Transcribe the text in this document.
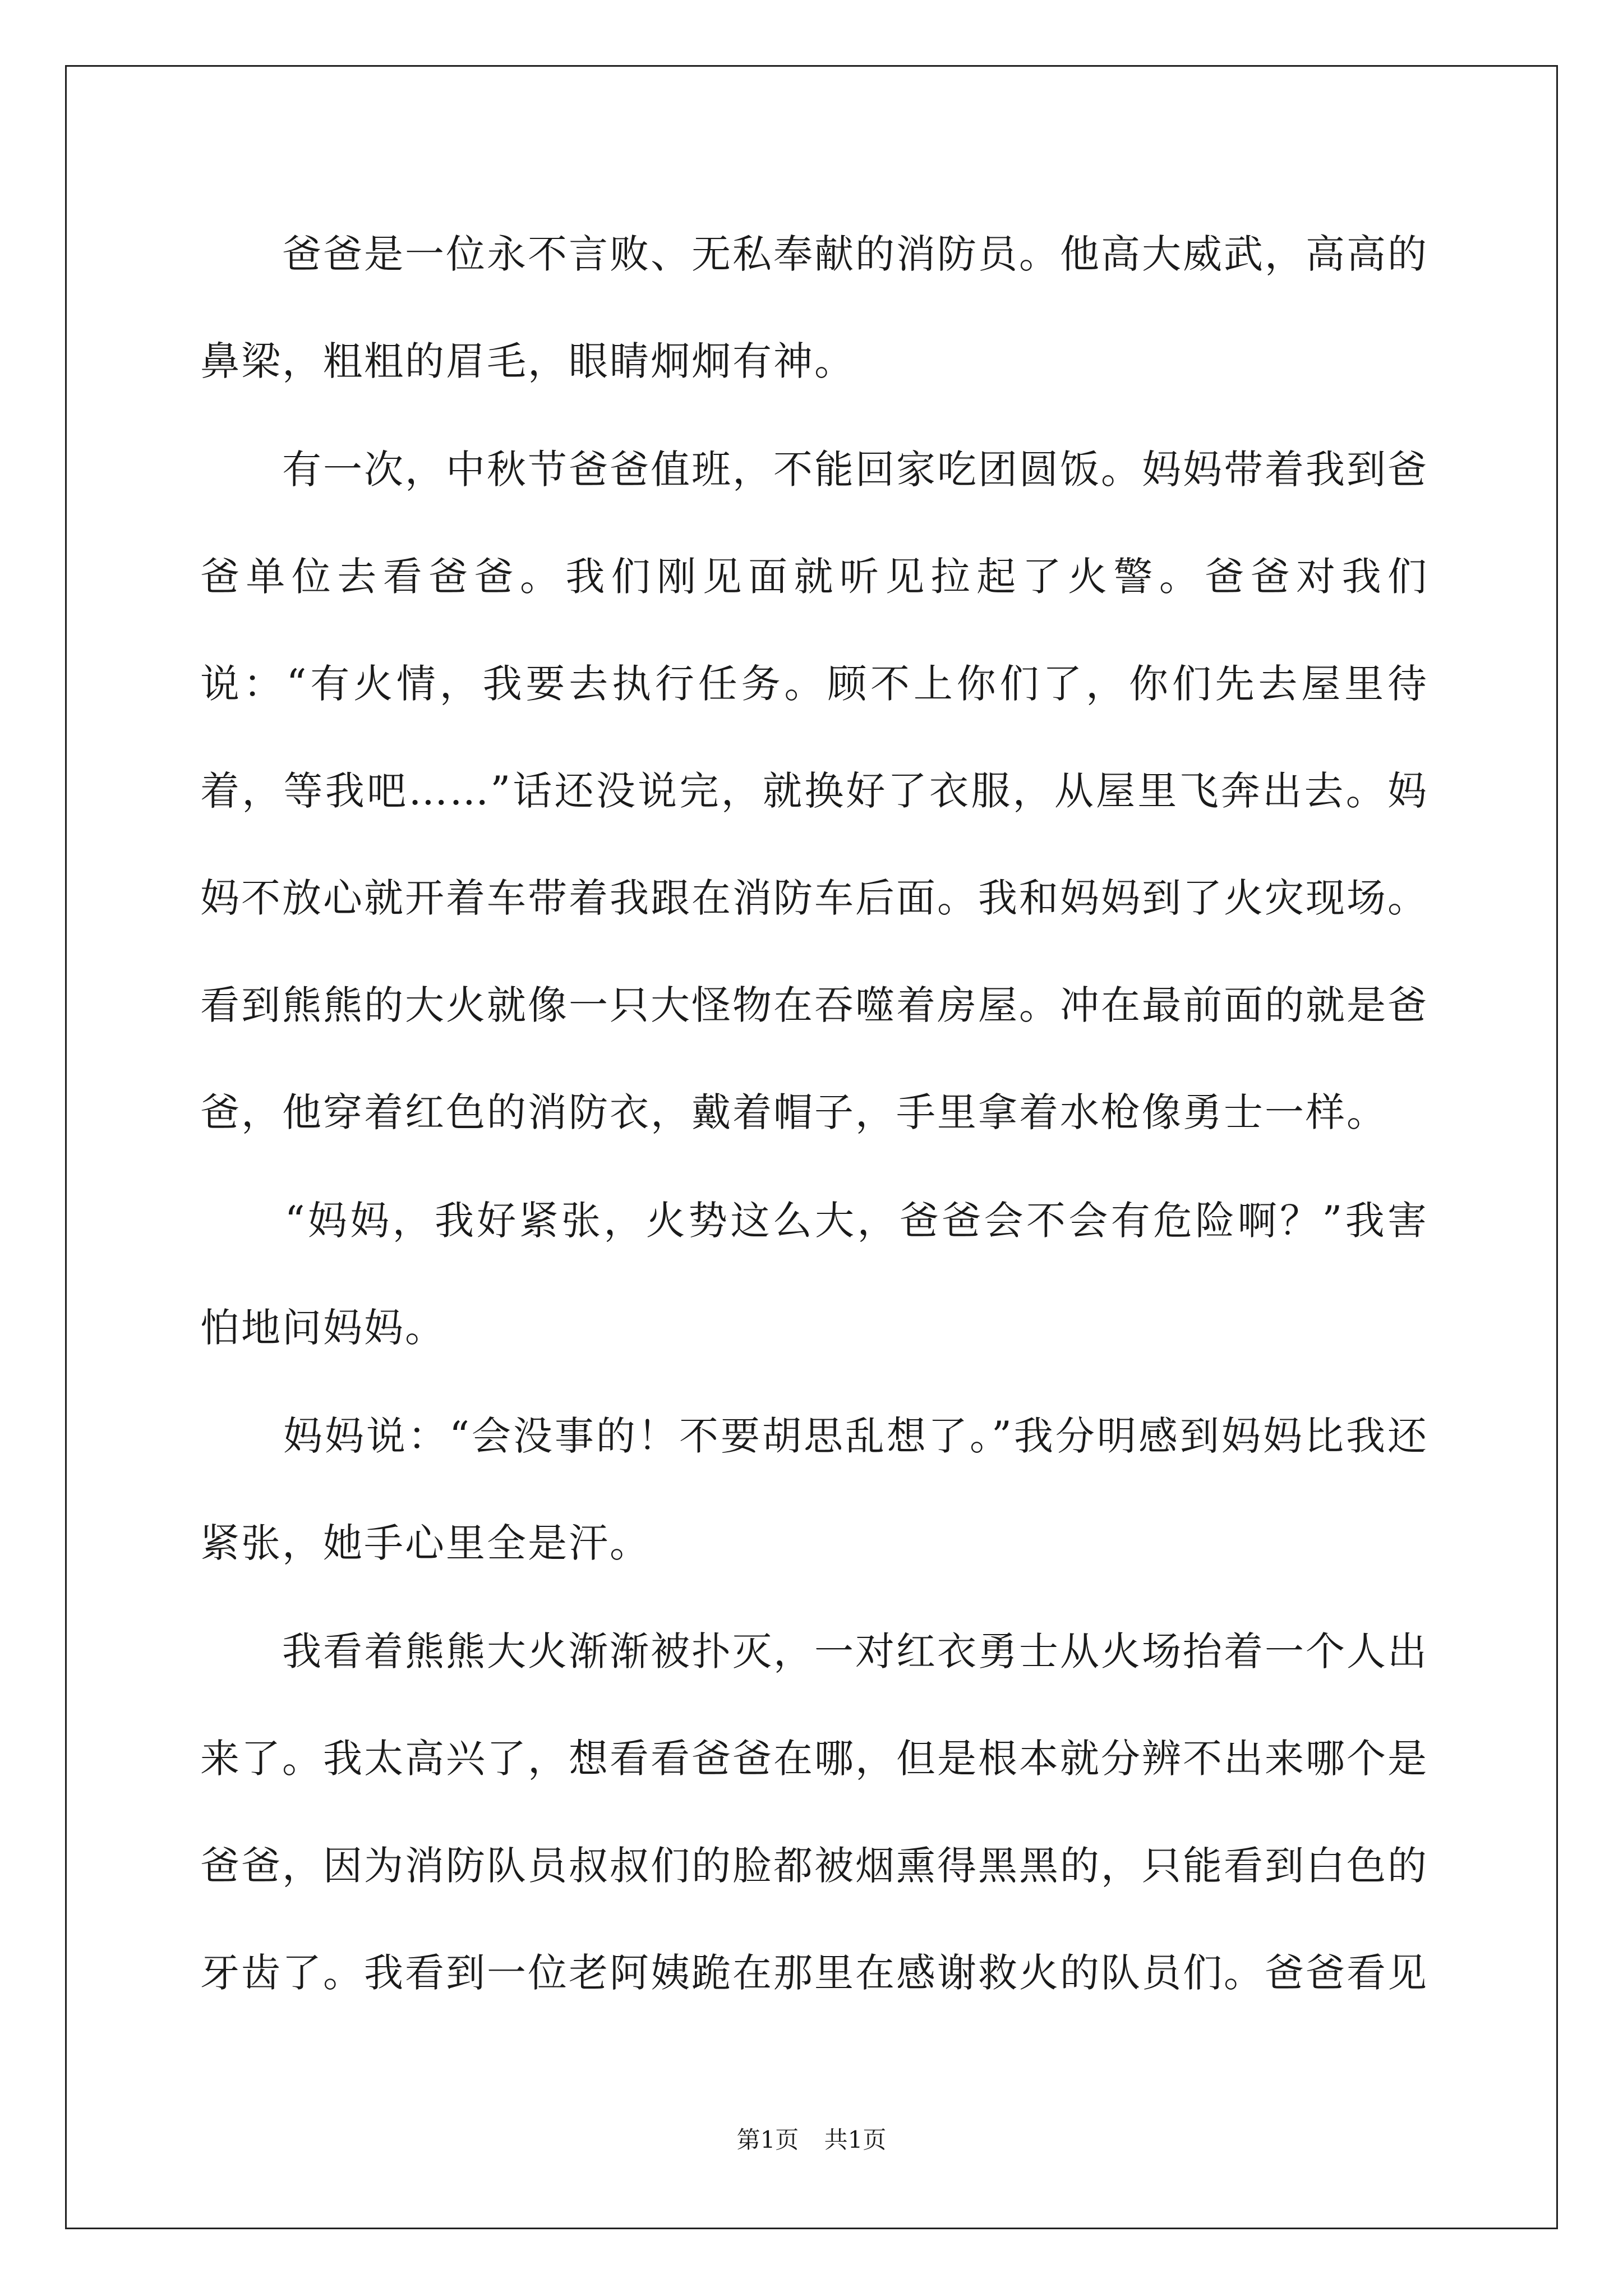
　　爸爸是一位永不言败、无私奉献的消防员。他高大威武，高高的鼻梁，粗粗的眉毛，眼睛炯炯有神。

　　有一次，中秋节爸爸值班，不能回家吃团圆饭。妈妈带着我到爸爸单位去看爸爸。我们刚见面就听见拉起了火警。爸爸对我们说：“有火情，我要去执行任务。顾不上你们了，你们先去屋里待着，等我吧……”话还没说完，就换好了衣服，从屋里飞奔出去。妈妈不放心就开着车带着我跟在消防车后面。我和妈妈到了火灾现场。看到熊熊的大火就像一只大怪物在吞噬着房屋。冲在最前面的就是爸爸，他穿着红色的消防衣，戴着帽子，手里拿着水枪像勇士一样。

　　“妈妈，我好紧张，火势这么大，爸爸会不会有危险啊？”我害怕地问妈妈。

　　妈妈说：“会没事的！不要胡思乱想了。”我分明感到妈妈比我还紧张，她手心里全是汗。

　　我看着熊熊大火渐渐被扑灭，一对红衣勇士从火场抬着一个人出来了。我太高兴了，想看看爸爸在哪，但是根本就分辨不出来哪个是爸爸，因为消防队员叔叔们的脸都被烟熏得黑黑的，只能看到白色的牙齿了。我看到一位老阿姨跪在那里在感谢救火的队员们。爸爸看见

第1页 共1页
